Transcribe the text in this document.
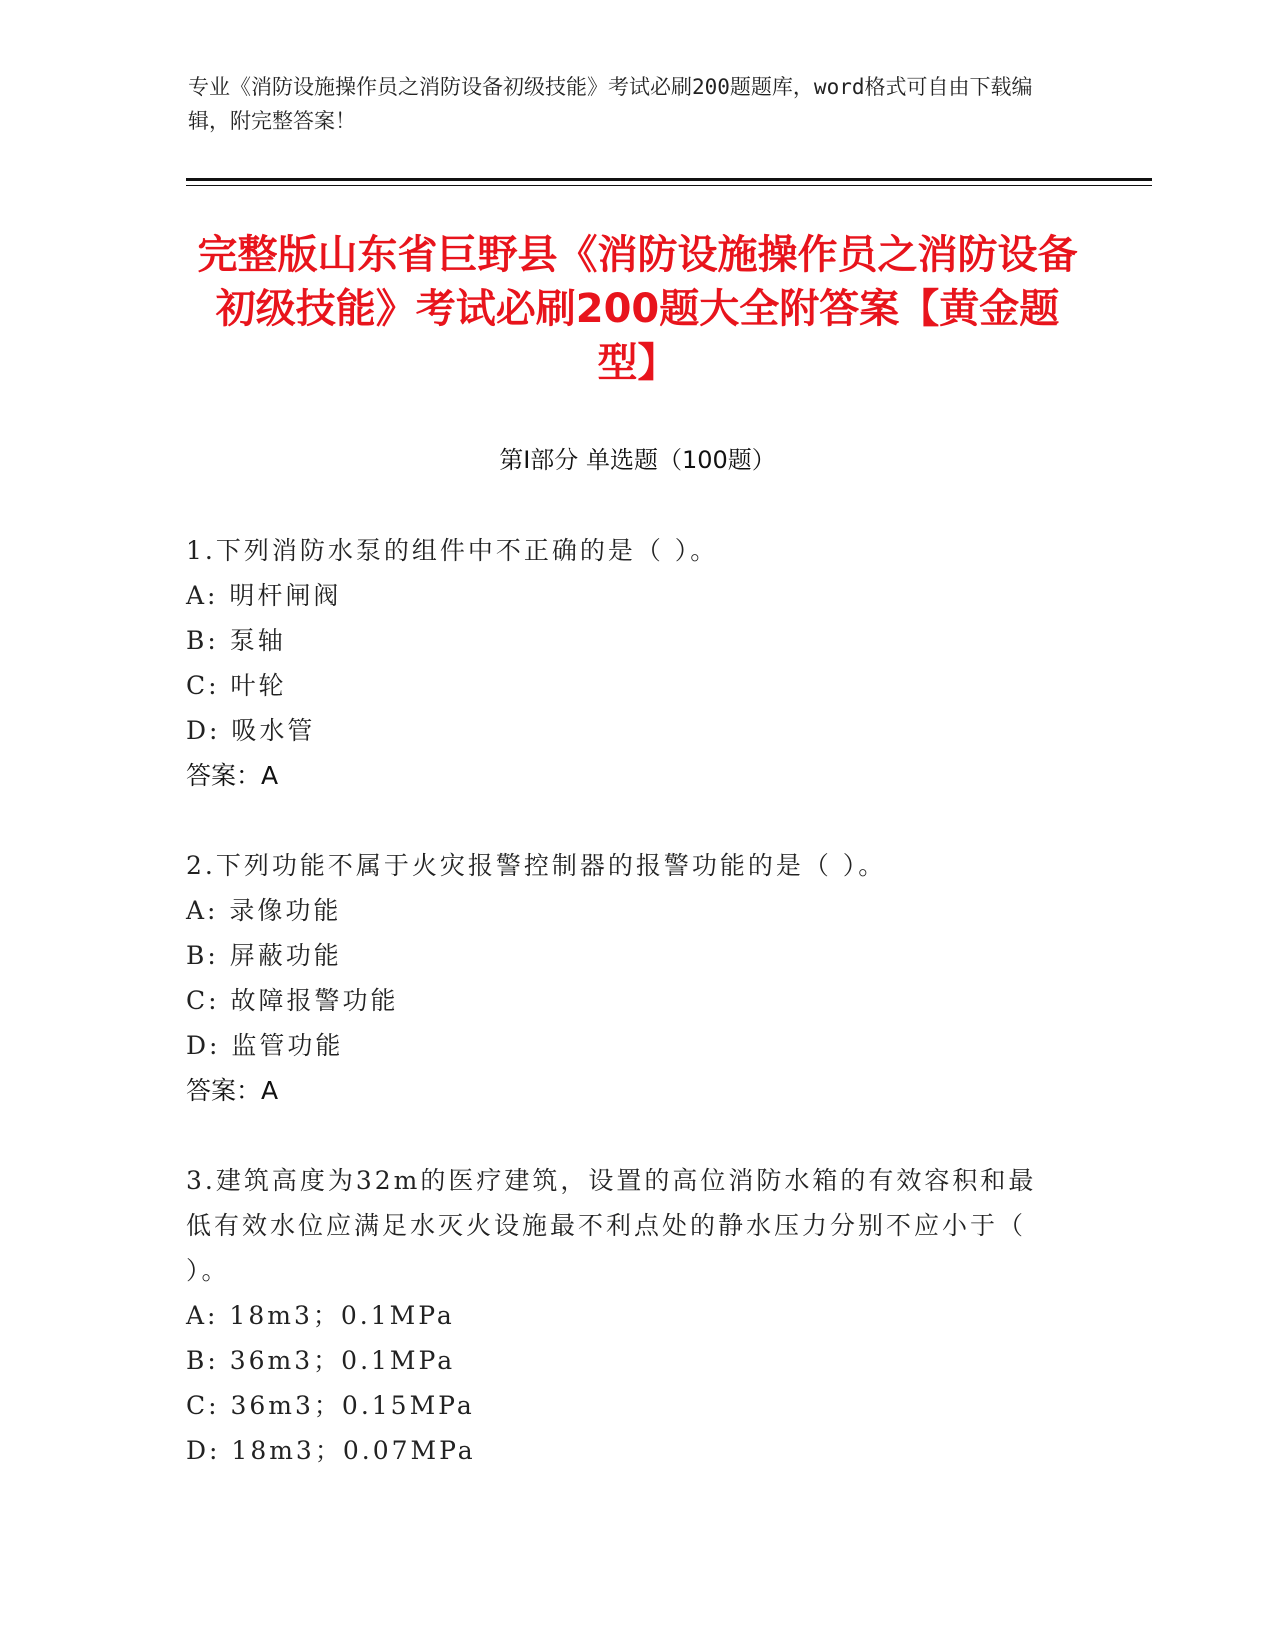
专业《消防设施操作员之消防设备初级技能》考试必刷200题题库，word格式可自由下载编辑，附完整答案！
完整版山东省巨野县《消防设施操作员之消防设备初级技能》考试必刷200题大全附答案【黄金题型】
第Ⅰ部分 单选题（100题）

1.下列消防水泵的组件中不正确的是（ ）。

A: 明杆闸阀

B: 泵轴

C: 叶轮

D: 吸水管

答案：A

2.下列功能不属于火灾报警控制器的报警功能的是（ ）。

A: 录像功能

B: 屏蔽功能

C: 故障报警功能

D: 监管功能

答案：A

3.建筑高度为32m的医疗建筑，设置的高位消防水箱的有效容积和最

低有效水位应满足水灭火设施最不利点处的静水压力分别不应小于（

）。

A: 18m3；0.1MPa

B: 36m3；0.1MPa

C: 36m3；0.15MPa

D: 18m3；0.07MPa
